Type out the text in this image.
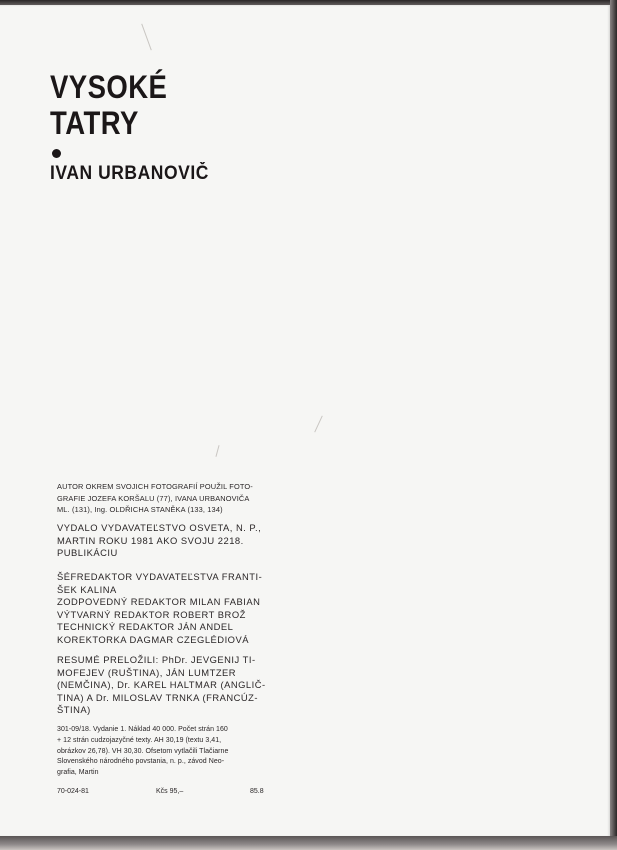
VYSOKÉ
TATRY
IVAN URBANOVIČ

AUTOR OKREM SVOJICH FOTOGRAFIÍ POUŽIL FOTO-
GRAFIE JOZEFA KORŠALU (77), IVANA URBANOVIČA
ML. (131), Ing. OLDŘICHA STANĚKA (133, 134)

VYDALO VYDAVATEĽSTVO OSVETA, N. P.,
MARTIN ROKU 1981 AKO SVOJU 2218.
PUBLIKÁCIU

ŠÉFREDAKTOR VYDAVATEĽSTVA FRANTI-
ŠEK KALINA
ZODPOVEDNÝ REDAKTOR MILAN FABIAN
VÝTVARNÝ REDAKTOR ROBERT BROŽ
TECHNICKÝ REDAKTOR JÁN ANDEL
KOREKTORKA DAGMAR CZEGLÉDIOVÁ

RESUMÉ PRELOŽILI: PhDr. JEVGENIJ TI-
MOFEJEV (RUŠTINA), JÁN LUMTZER
(NEMČINA), Dr. KAREL HALTMAR (ANGLIČ-
TINA) A Dr. MILOSLAV TRNKA (FRANCÚZ-
ŠTINA)

301-09/18. Vydanie 1. Náklad 40 000. Počet strán 160
+ 12 strán cudzojazyčné texty. AH 30,19 (textu 3,41,
obrázkov 26,78). VH 30,30. Ofsetom vytlačili Tlačiarne
Slovenského národného povstania, n. p., závod Neo-
grafia, Martin

70-024-81	Kčs 95,–	85.8
